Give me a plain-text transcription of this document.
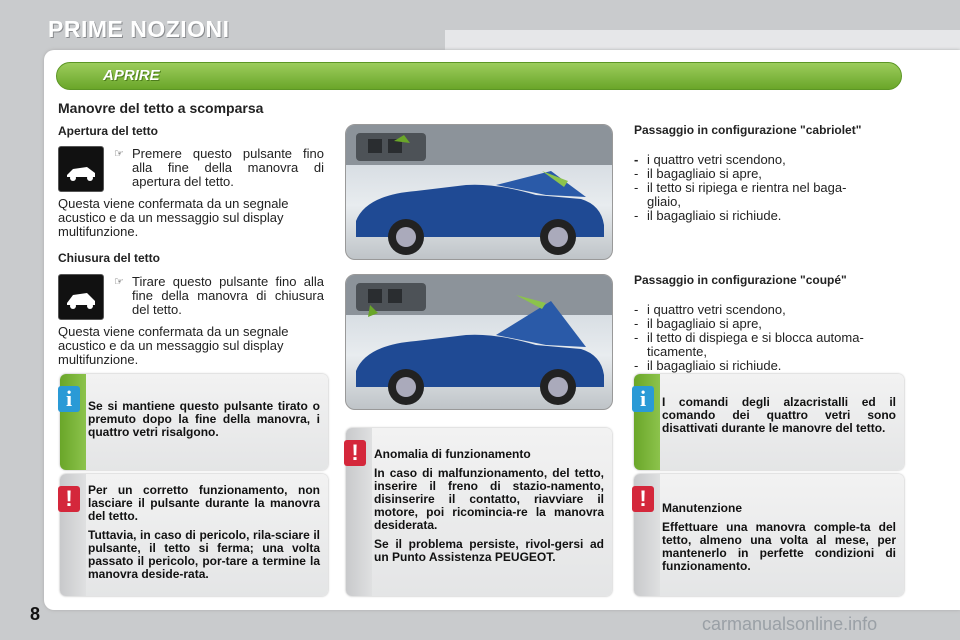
PRIME NOZIONI
APRIRE
Manovre del tetto a scomparsa
Apertura del tetto
☞ Premere questo pulsante fino alla fine della manovra di apertura del tetto.
Questa viene confermata da un segnale acustico e da un messaggio sul display multifunzione.
Chiusura del tetto
☞ Tirare questo pulsante fino alla fine della manovra di chiusura del tetto.
Questa viene confermata da un segnale acustico e da un messaggio sul display multifunzione.
Passaggio in configurazione "cabriolet"
- i quattro vetri scendono,
- il bagagliaio si apre,
- il tetto si ripiega e rientra nel baga-
gliaio,
- il bagagliaio si richiude.
Passaggio in configurazione "coupé"
- i quattro vetri scendono,
- il bagagliaio si apre,
- il tetto di dispiega e si blocca automa-
ticamente,
- il bagagliaio si richiude.
i	Se si mantiene questo pulsante tirato o premuto dopo la fine della manovra, i quattro vetri risalgono.
!	Per un corretto funzionamento, non lasciare il pulsante durante la manovra del tetto.

Tuttavia, in caso di pericolo, rila-sciare il pulsante, il tetto si ferma; una volta passato il pericolo, por-tare a termine la manovra deside-rata.

!	Anomalia di funzionamento

In caso di malfunzionamento, del tetto, inserire il freno di stazio-namento, disinserire il contatto, riavviare il motore, poi ricomincia-re la manovra desiderata.

Se il problema persiste, rivol-gersi ad un Punto Assistenza PEUGEOT.

i	I comandi degli alzacristalli ed il comando dei quattro vetri sono disattivati durante le manovre del tetto.
!	Manutenzione

Effettuare una manovra comple-ta del tetto, almeno una volta al mese, per mantenerlo in perfette condizioni di funzionamento.

8	carmanualsonline.info
